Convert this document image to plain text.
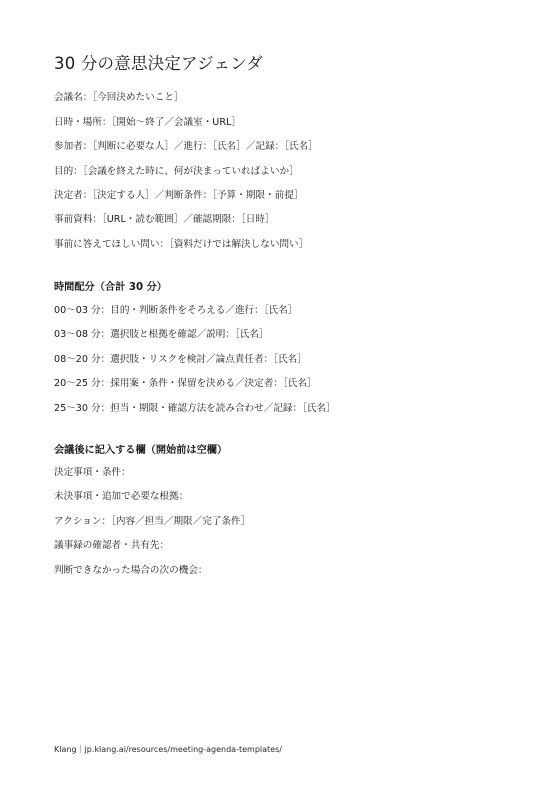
30 分の意思決定アジェンダ
会議名：［今回決めたいこと］
日時・場所：［開始〜終了／会議室・URL］
参加者：［判断に必要な人］／進行：［氏名］／記録：［氏名］
目的：［会議を終えた時に、何が決まっていればよいか］
決定者：［決定する人］／判断条件：［予算・期限・前提］
事前資料：［URL・読む範囲］／確認期限：［日時］
事前に答えてほしい問い：［資料だけでは解決しない問い］
時間配分（合計 30 分）
00〜03 分：目的・判断条件をそろえる／進行：［氏名］
03〜08 分：選択肢と根拠を確認／説明：［氏名］
08〜20 分：選択肢・リスクを検討／論点責任者：［氏名］
20〜25 分：採用案・条件・保留を決める／決定者：［氏名］
25〜30 分：担当・期限・確認方法を読み合わせ／記録：［氏名］
会議後に記入する欄（開始前は空欄）
決定事項・条件：
未決事項・追加で必要な根拠：
アクション：［内容／担当／期限／完了条件］
議事録の確認者・共有先：
判断できなかった場合の次の機会：
Klang｜jp.klang.ai/resources/meeting-agenda-templates/
